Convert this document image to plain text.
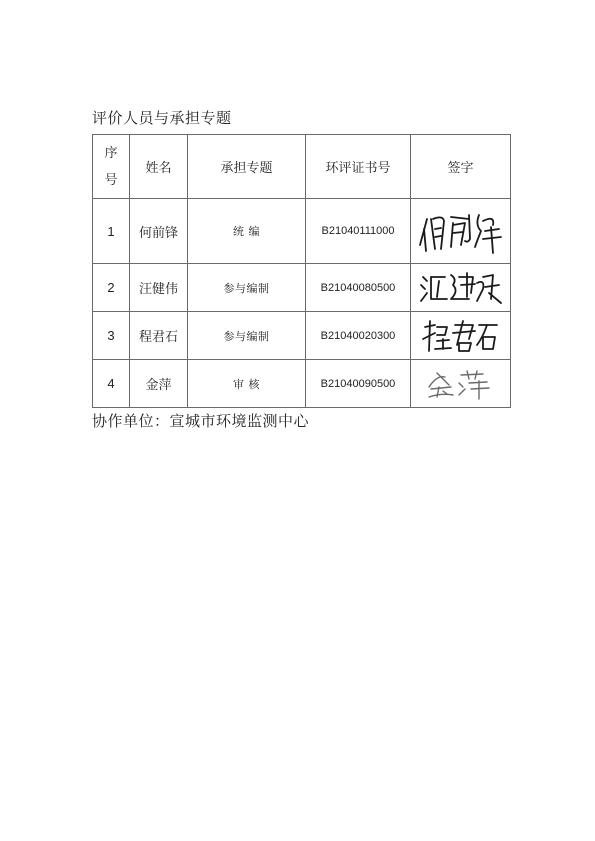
评价人员与承担专题
序
号	姓名	承担专题	环评证书号	签字
1	何前锋	统 编	B21040111000	

2	汪健伟	参与编制	B21040080500	

3	程君石	参与编制	B21040020300	

4	金萍	审 核	B21040090500	
协作单位：宣城市环境监测中心
